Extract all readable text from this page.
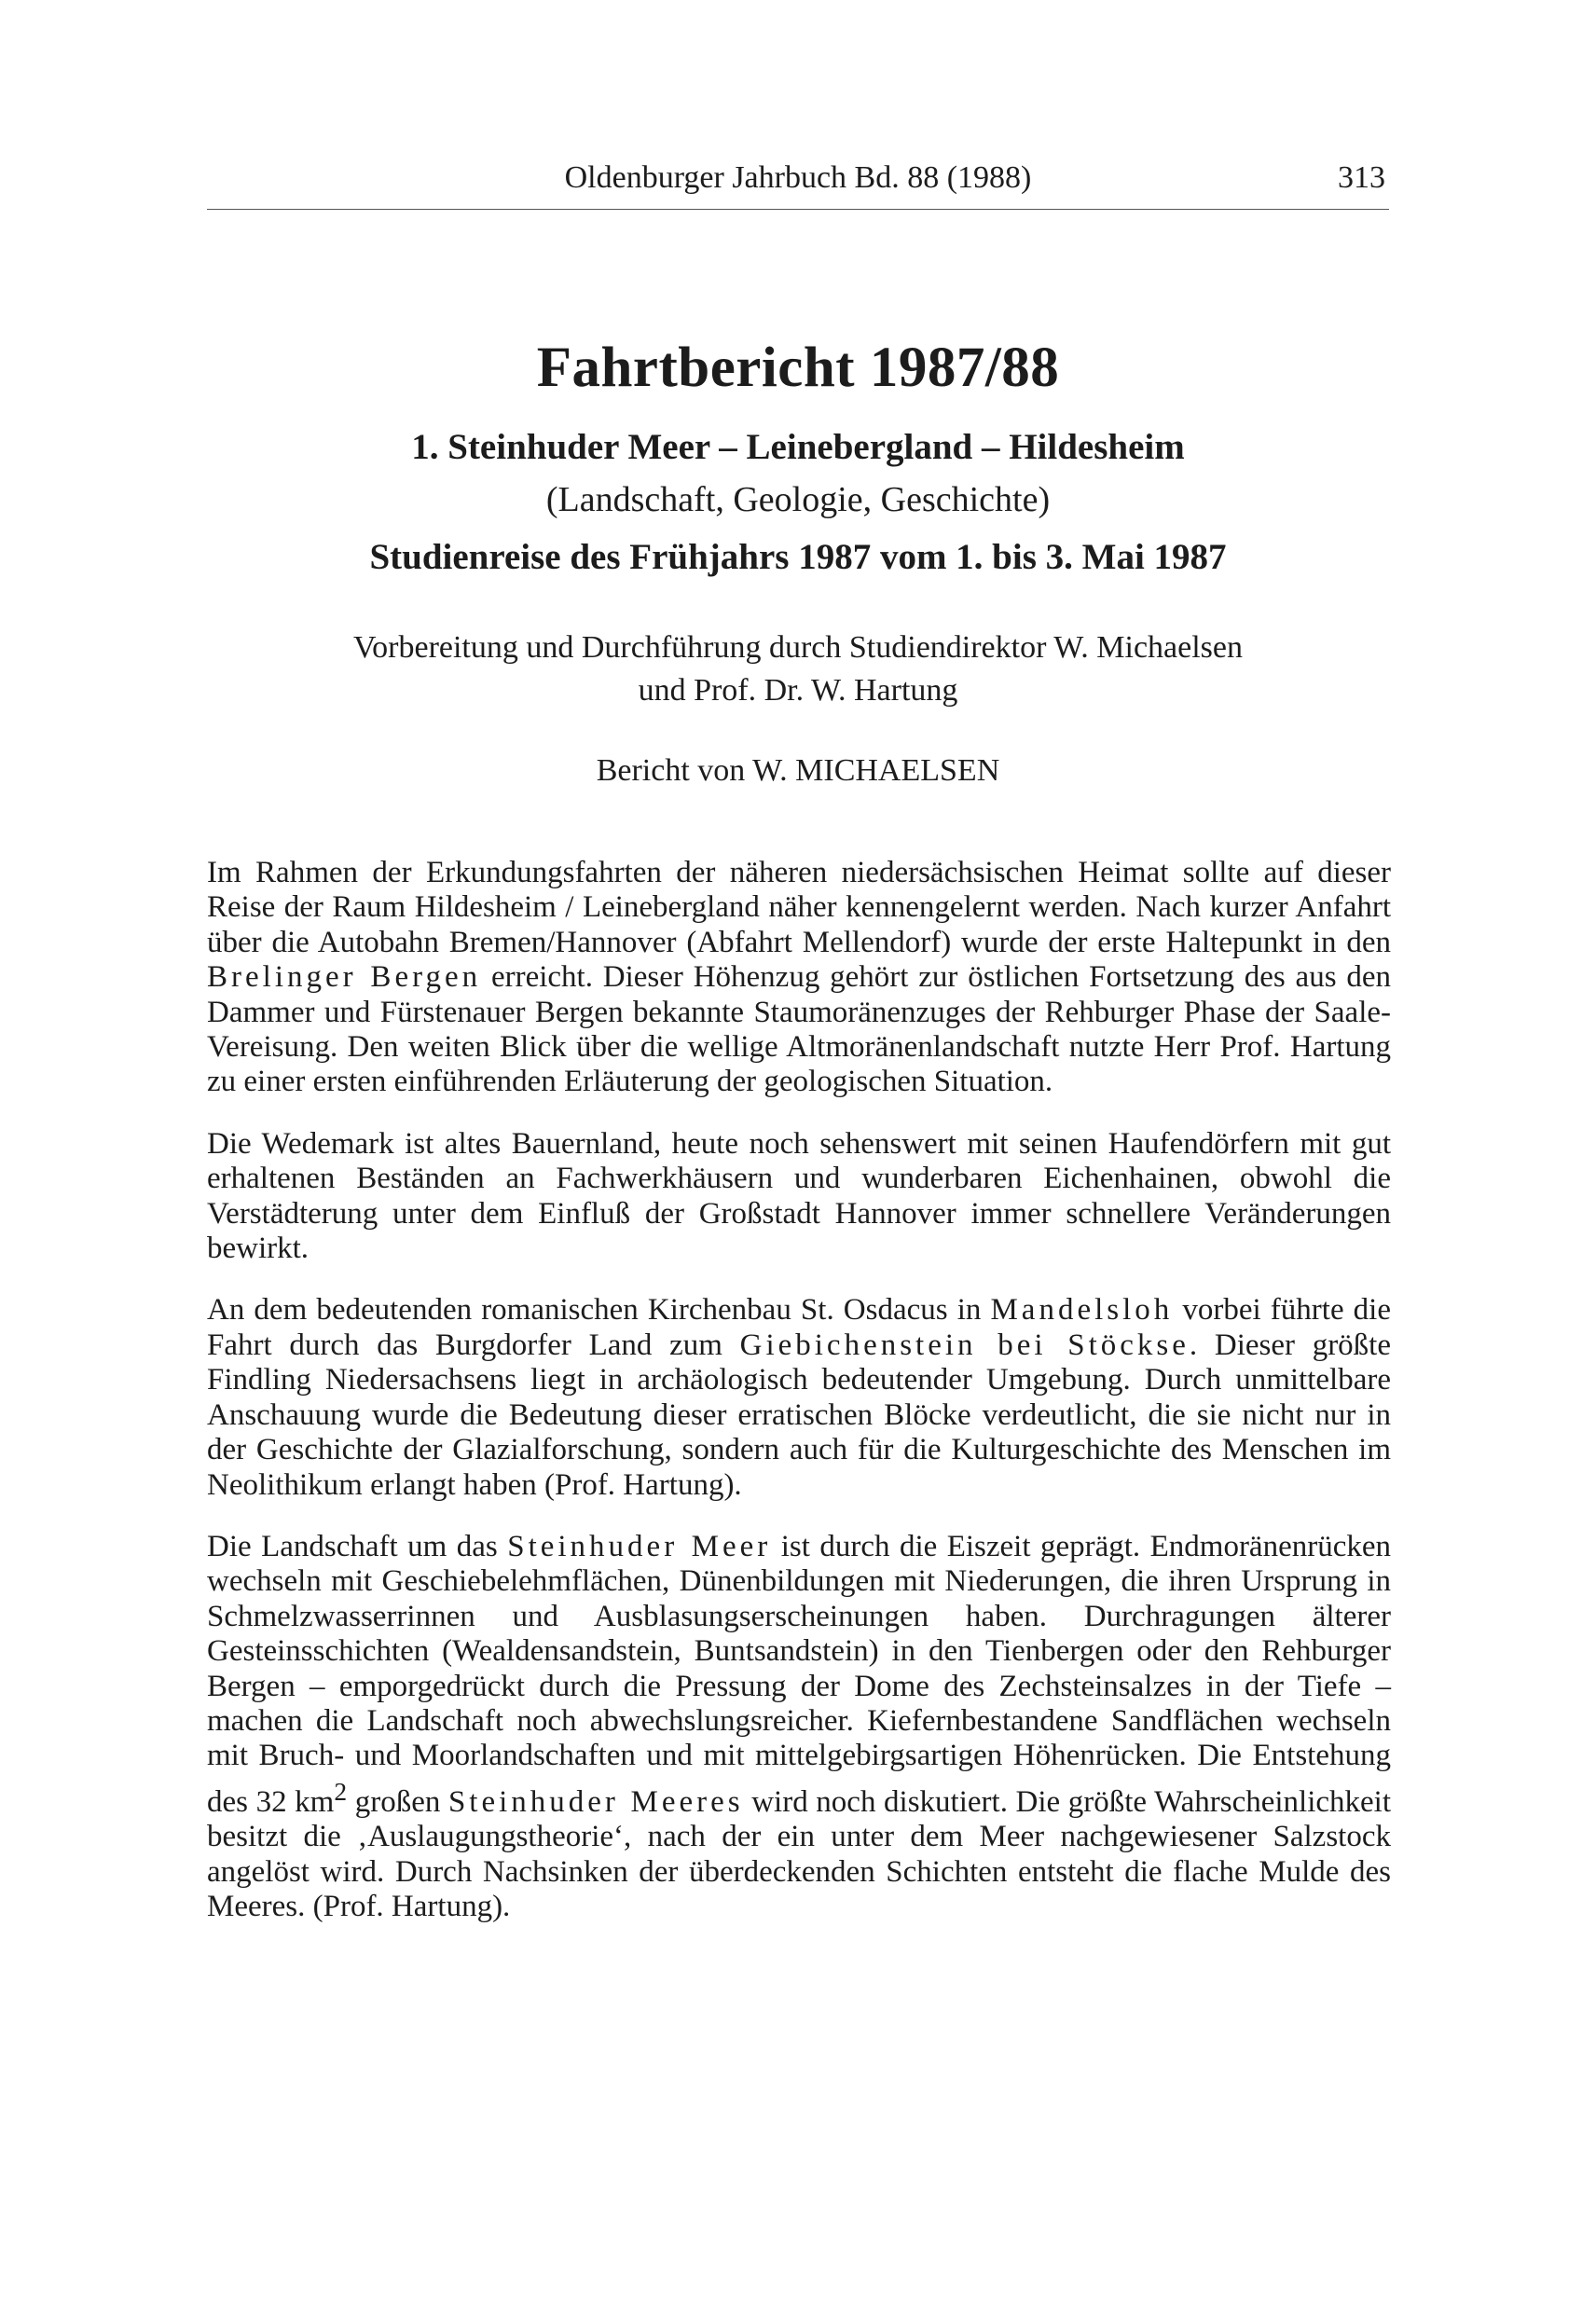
Oldenburger Jahrbuch Bd. 88 (1988)	313
Fahrtbericht 1987/88

1. Steinhuder Meer – Leinebergland – Hildesheim

(Landschaft, Geologie, Geschichte)

Studienreise des Frühjahrs 1987 vom 1. bis 3. Mai 1987

Vorbereitung und Durchführung durch Studiendirektor W. Michaelsen
und Prof. Dr. W. Hartung
Bericht von W. MICHAELSEN

Im Rahmen der Erkundungsfahrten der näheren niedersächsischen Heimat sollte auf dieser Reise der Raum Hildesheim / Leinebergland näher kennengelernt werden. Nach kurzer Anfahrt über die Autobahn Bremen/Hannover (Abfahrt Mellendorf) wurde der erste Haltepunkt in den Brelinger Bergen erreicht. Dieser Höhenzug gehört zur östlichen Fortsetzung des aus den Dammer und Fürstenauer Bergen bekannte Staumoränenzuges der Rehburger Phase der Saale-Vereisung. Den weiten Blick über die wellige Altmoränenlandschaft nutzte Herr Prof. Hartung zu einer ersten einführenden Erläuterung der geologischen Situation.

Die Wedemark ist altes Bauernland, heute noch sehenswert mit seinen Haufendörfern mit gut erhaltenen Beständen an Fachwerkhäusern und wunderbaren Eichenhainen, obwohl die Verstädterung unter dem Einfluß der Großstadt Hannover immer schnellere Veränderungen bewirkt.

An dem bedeutenden romanischen Kirchenbau St. Osdacus in Mandelsloh vorbei führte die Fahrt durch das Burgdorfer Land zum Giebichenstein bei Stöckse. Dieser größte Findling Niedersachsens liegt in archäologisch bedeutender Umgebung. Durch unmittelbare Anschauung wurde die Bedeutung dieser erratischen Blöcke verdeutlicht, die sie nicht nur in der Geschichte der Glazialforschung, sondern auch für die Kulturgeschichte des Menschen im Neolithikum erlangt haben (Prof. Hartung).

Die Landschaft um das Steinhuder Meer ist durch die Eiszeit geprägt. Endmoränenrücken wechseln mit Geschiebelehmflächen, Dünenbildungen mit Niederungen, die ihren Ursprung in Schmelzwasserrinnen und Ausblasungserscheinungen haben. Durchragungen älterer Gesteinsschichten (Wealdensandstein, Buntsandstein) in den Tienbergen oder den Rehburger Bergen – emporgedrückt durch die Pressung der Dome des Zechsteinsalzes in der Tiefe – machen die Landschaft noch abwechslungsreicher. Kiefernbestandene Sandflächen wechseln mit Bruch- und Moorlandschaften und mit mittelgebirgsartigen Höhenrücken. Die Entstehung des 32 $km^2$ großen Steinhuder Meeres wird noch diskutiert. Die größte Wahrscheinlichkeit besitzt die ‚Auslaugungstheorie‘, nach der ein unter dem Meer nachgewiesener Salzstock angelöst wird. Durch Nachsinken der überdeckenden Schichten entsteht die flache Mulde des Meeres. (Prof. Hartung).
